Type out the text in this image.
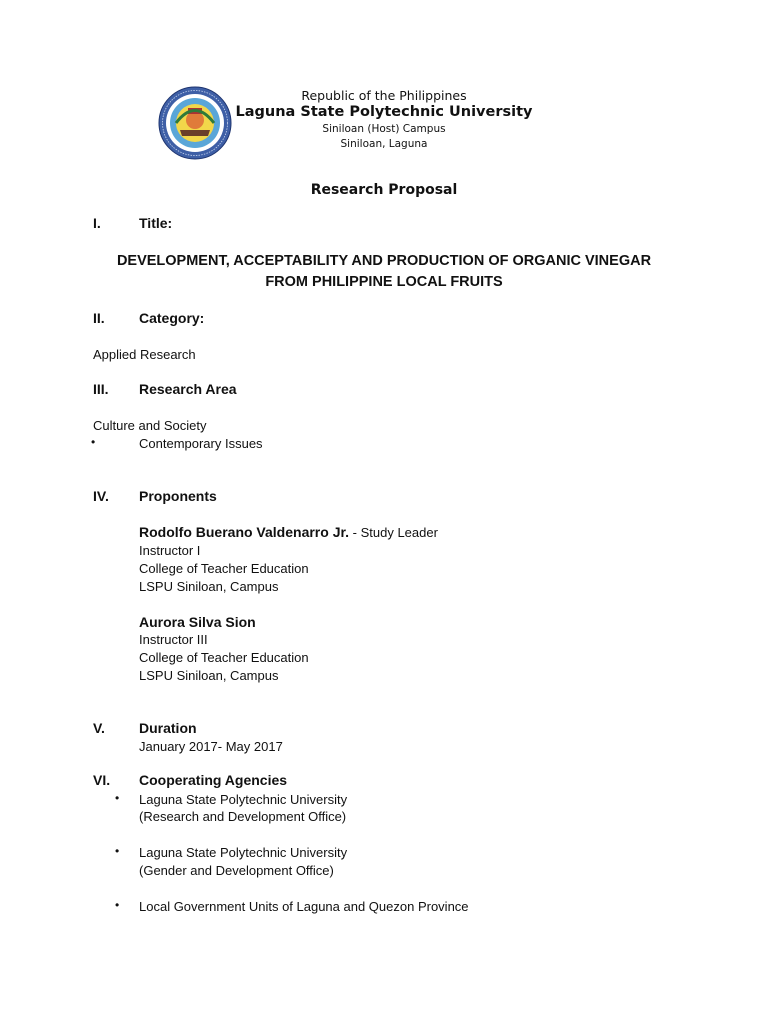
Republic of the Philippines
Laguna State Polytechnic University
Siniloan (Host) Campus
Siniloan, Laguna
Research Proposal
I.	Title:
DEVELOPMENT, ACCEPTABILITY AND PRODUCTION OF ORGANIC VINEGAR
FROM PHILIPPINE LOCAL FRUITS
II. Category:
Applied Research
III. Research Area
Culture and Society
•	Contemporary Issues
IV. Proponents
Rodolfo Buerano Valdenarro Jr. - Study Leader
Instructor I
College of Teacher Education
LSPU Siniloan, Campus
Aurora Silva Sion
Instructor III
College of Teacher Education
LSPU Siniloan, Campus
V. Duration
January 2017- May 2017
VI. Cooperating Agencies
• Laguna State Polytechnic University
(Research and Development Office)
• Laguna State Polytechnic University
(Gender and Development Office)
• Local Government Units of Laguna and Quezon Province
